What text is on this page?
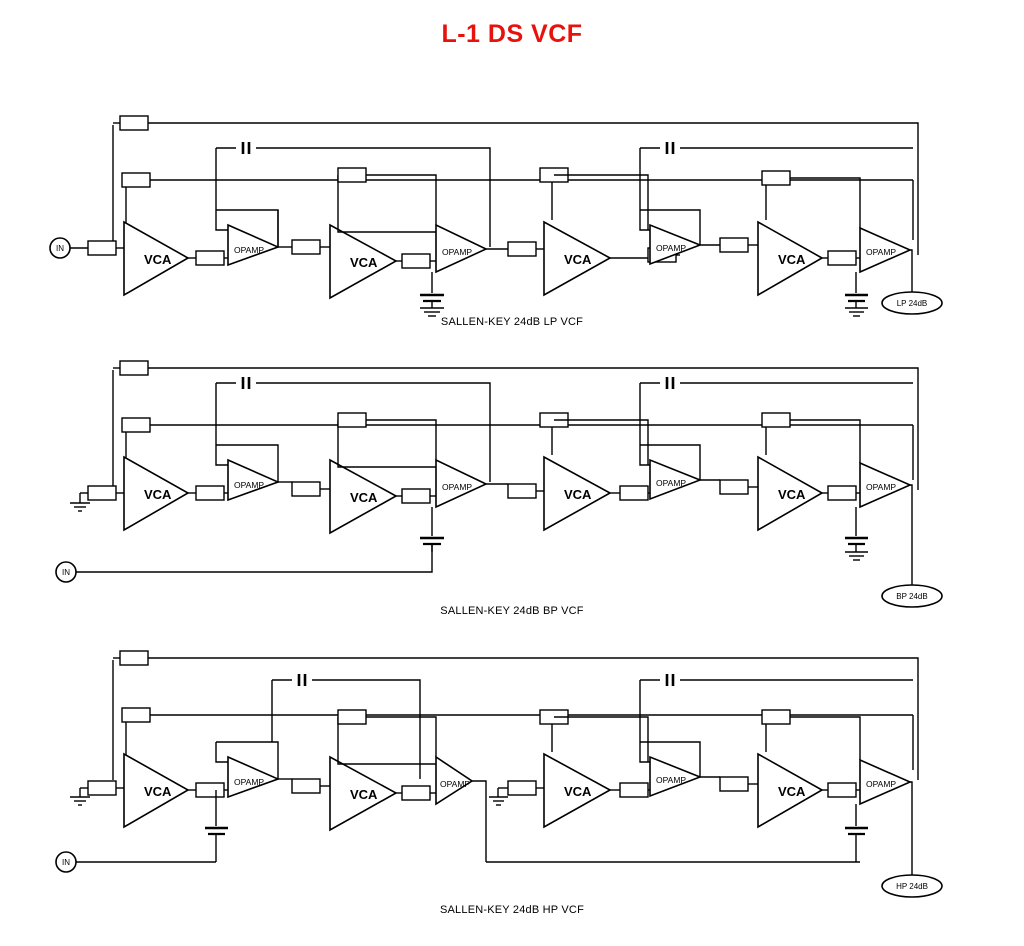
L-1 DS VCF
IN
VCA
OPAMP
VCA
OPAMP	VCA
OPAMP
VCA	OPAMP
LP 24dB
SALLEN-KEY 24dB LP VCF
VCA
OPAMP
VCA
OPAMP
IN
VCA
OPAMP
VCA	OPAMP
BP 24dB
SALLEN-KEY 24dB BP VCF
VCA
OPAMP
IN
VCA
OPAMP	VCA
OPAMP
VCA	OPAMP
HP 24dB
SALLEN-KEY 24dB HP VCF
